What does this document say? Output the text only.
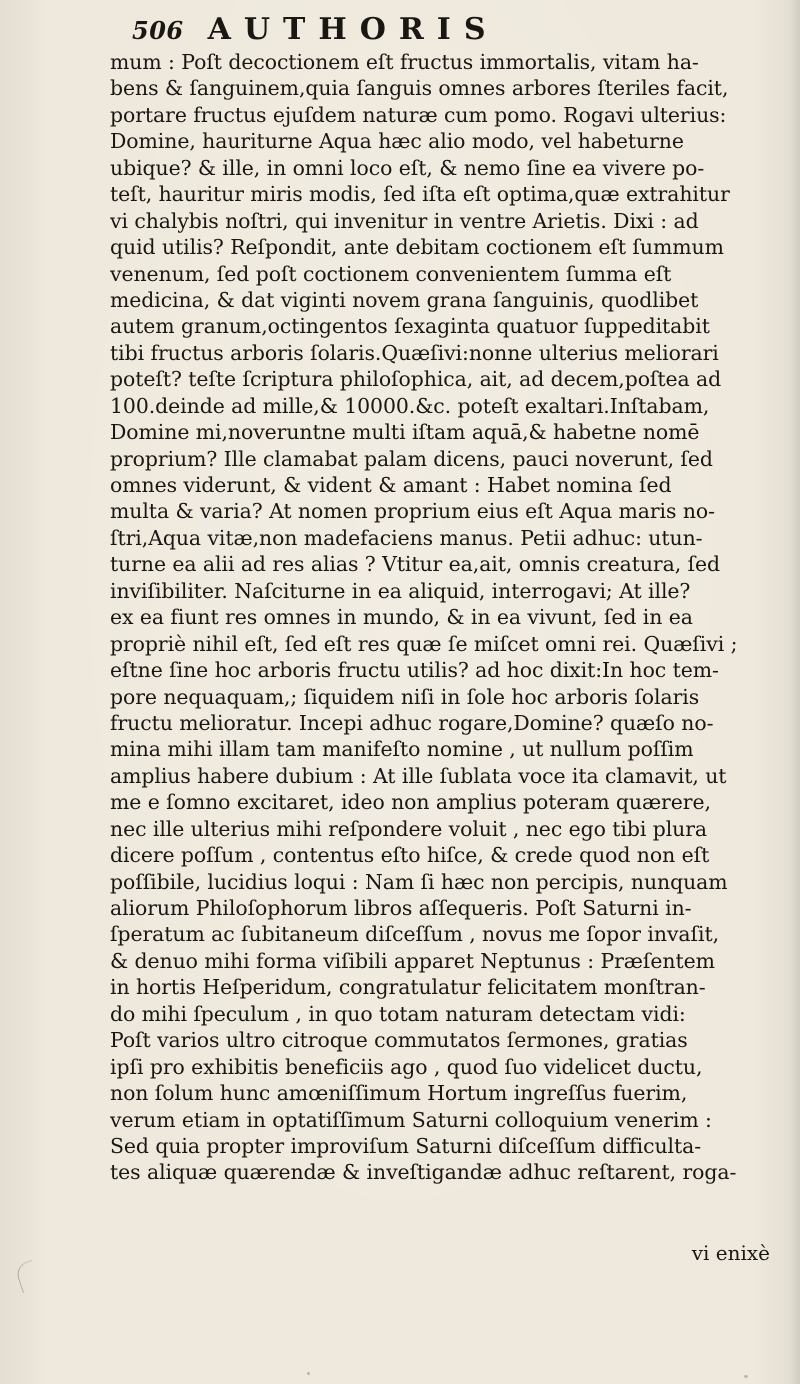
506 AUTHORIS
mum : Poſt decoctionem eſt fructus immortalis, vitam ha-
bens & ſanguinem,quia ſanguis omnes arbores ſteriles facit,
portare fructus ejuſdem naturæ cum pomo. Rogavi ulterius:
Domine, hauriturne Aqua hæc alio modo, vel habeturne
ubique? & ille, in omni loco eſt, & nemo ſine ea vivere po-
teſt, hauritur miris modis, ſed iſta eſt optima,quæ extrahitur
vi chalybis noſtri, qui invenitur in ventre Arietis. Dixi : ad
quid utilis? Reſpondit, ante debitam coctionem eſt ſummum
venenum, ſed poſt coctionem convenientem ſumma eſt
medicina, & dat viginti novem grana ſanguinis, quodlibet
autem granum,octingentos ſexaginta quatuor ſuppeditabit
tibi fructus arboris ſolaris.Quæſivi:nonne ulterius meliorari
poteſt? teſte ſcriptura philoſophica, ait, ad decem,poſtea ad
100.deinde ad mille,& 10000.&c. poteſt exaltari.Inſtabam,
Domine mi,noveruntne multi iſtam aquā,& habetne nomē
proprium? Ille clamabat palam dicens, pauci noverunt, ſed
omnes viderunt, & vident & amant : Habet nomina ſed
multa & varia? At nomen proprium eius eſt Aqua maris no-
ſtri,Aqua vitæ,non madefaciens manus. Petii adhuc: utun-
turne ea alii ad res alias ? Vtitur ea,ait, omnis creatura, ſed
inviſibiliter. Naſciturne in ea aliquid, interrogavi; At ille?
ex ea fiunt res omnes in mundo, & in ea vivunt, ſed in ea
propriè nihil eſt, ſed eſt res quæ ſe miſcet omni rei. Quæſivi ;
eſtne ſine hoc arboris fructu utilis? ad hoc dixit:In hoc tem-
pore nequaquam,; ſiquidem niſi in ſole hoc arboris ſolaris
fructu melioratur. Incepi adhuc rogare,Domine? quæſo no-
mina mihi illam tam manifeſto nomine , ut nullum poſſim
amplius habere dubium : At ille ſublata voce ita clamavit, ut
me e ſomno excitaret, ideo non amplius poteram quærere,
nec ille ulterius mihi reſpondere voluit , nec ego tibi plura
dicere poſſum , contentus eſto hiſce, & crede quod non eſt
poſſibile, lucidius loqui : Nam ſi hæc non percipis, nunquam
aliorum Philoſophorum libros aſſequeris. Poſt Saturni in-
ſperatum ac ſubitaneum diſceſſum , novus me ſopor invaſit,
& denuo mihi forma viſibili apparet Neptunus : Præſentem
in hortis Heſperidum, congratulatur felicitatem monſtran-
do mihi ſpeculum , in quo totam naturam detectam vidi:
Poſt varios ultro citroque commutatos ſermones, gratias
ipſi pro exhibitis beneficiis ago , quod ſuo videlicet ductu,
non ſolum hunc amœniſſimum Hortum ingreſſus fuerim,
verum etiam in optatiſſimum Saturni colloquium venerim :
Sed quia propter improviſum Saturni diſceſſum difficulta-
tes aliquæ quærendæ & inveſtigandæ adhuc reſtarent, roga-
vi enixè
